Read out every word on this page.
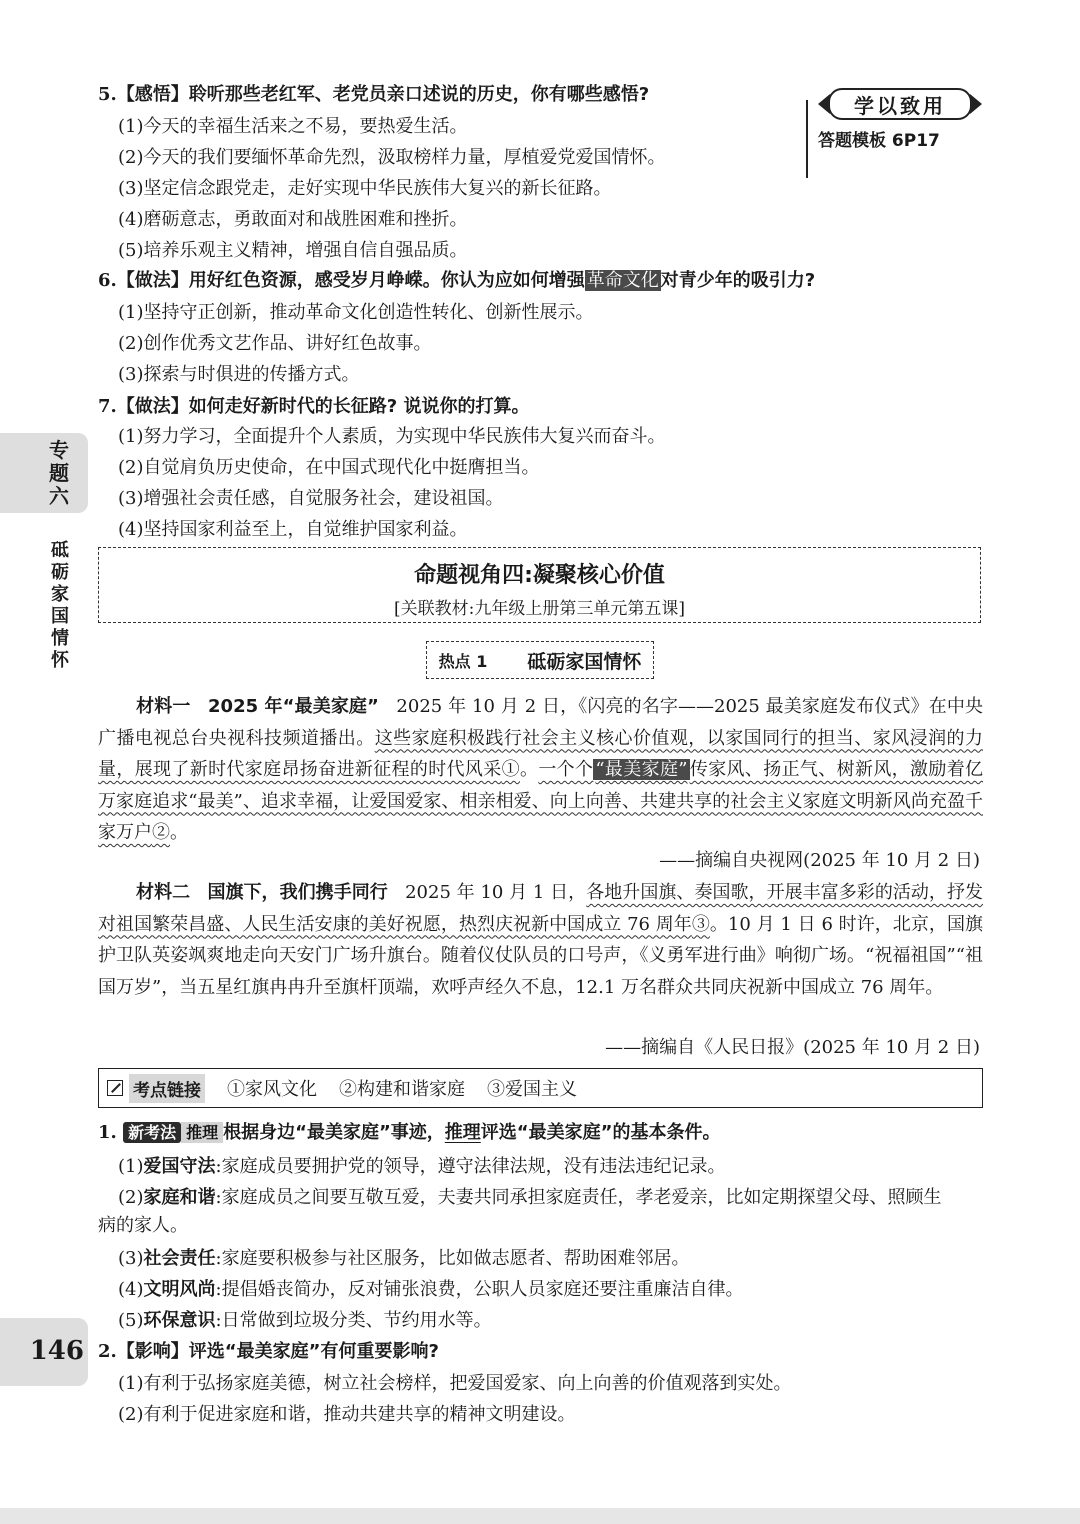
学以致用
答题模板 6P17
专
题
六
砥
砺
家
国
情
怀
146
5.【感悟】聆听那些老红军、老党员亲口述说的历史，你有哪些感悟?
(1)今天的幸福生活来之不易，要热爱生活。
(2)今天的我们要缅怀革命先烈，汲取榜样力量，厚植爱党爱国情怀。
(3)坚定信念跟党走，走好实现中华民族伟大复兴的新长征路。
(4)磨砺意志，勇敢面对和战胜困难和挫折。
(5)培养乐观主义精神，增强自信自强品质。
6.【做法】用好红色资源，感受岁月峥嵘。你认为应如何增强 革命文化 对青少年的吸引力?
(1)坚持守正创新，推动革命文化创造性转化、创新性展示。
(2)创作优秀文艺作品、讲好红色故事。
(3)探索与时俱进的传播方式。
7.【做法】如何走好新时代的长征路? 说说你的打算。
(1)努力学习，全面提升个人素质，为实现中华民族伟大复兴而奋斗。
(2)自觉肩负历史使命，在中国式现代化中挺膺担当。
(3)增强社会责任感，自觉服务社会，建设祖国。
(4)坚持国家利益至上，自觉维护国家利益。
命题视角四:凝聚核心价值
[关联教材:九年级上册第三单元第五课]
热点 1 砥砺家国情怀
材料一 2025 年“最美家庭” 2025 年 10 月 2 日，《闪亮的名字——2025 最美家庭发布仪式》在中央广播电视总台央视科技频道播出。这些家庭积极践行社会主义核心价值观，以家国同行的担当、家风浸润的力量，展现了新时代家庭昂扬奋进新征程的时代风采①。一个个 “最美家庭” 传家风、扬正气、树新风，激励着亿万家庭追求“最美”、追求幸福，让爱国爱家、相亲相爱、向上向善、共建共享的社会主义家庭文明新风尚充盈千家万户②。
——摘编自央视网(2025 年 10 月 2 日)
材料二 国旗下，我们携手同行 2025 年 10 月 1 日，各地升国旗、奏国歌，开展丰富多彩的活动，抒发对祖国繁荣昌盛、人民生活安康的美好祝愿，热烈庆祝新中国成立 76 周年③。10 月 1 日 6 时许，北京，国旗护卫队英姿飒爽地走向天安门广场升旗台。随着仪仗队员的口号声，《义勇军进行曲》响彻广场。“祝福祖国”“祖国万岁”，当五星红旗冉冉升至旗杆顶端，欢呼声经久不息，12.1 万名群众共同庆祝新中国成立 76 周年。
——摘编自《人民日报》(2025 年 10 月 2 日)
考点链接 ①家风文化 ②构建和谐家庭 ③爱国主义
1. 新考法 推理 根据身边“最美家庭”事迹，推理评选“最美家庭”的基本条件。
(1)爱国守法:家庭成员要拥护党的领导，遵守法律法规，没有违法违纪记录。
(2)家庭和谐:家庭成员之间要互敬互爱，夫妻共同承担家庭责任，孝老爱亲，比如定期探望父母、照顾生
病的家人。
(3)社会责任:家庭要积极参与社区服务，比如做志愿者、帮助困难邻居。
(4)文明风尚:提倡婚丧简办，反对铺张浪费，公职人员家庭还要注重廉洁自律。
(5)环保意识:日常做到垃圾分类、节约用水等。
2.【影响】评选“最美家庭”有何重要影响?
(1)有利于弘扬家庭美德，树立社会榜样，把爱国爱家、向上向善的价值观落到实处。
(2)有利于促进家庭和谐，推动共建共享的精神文明建设。
